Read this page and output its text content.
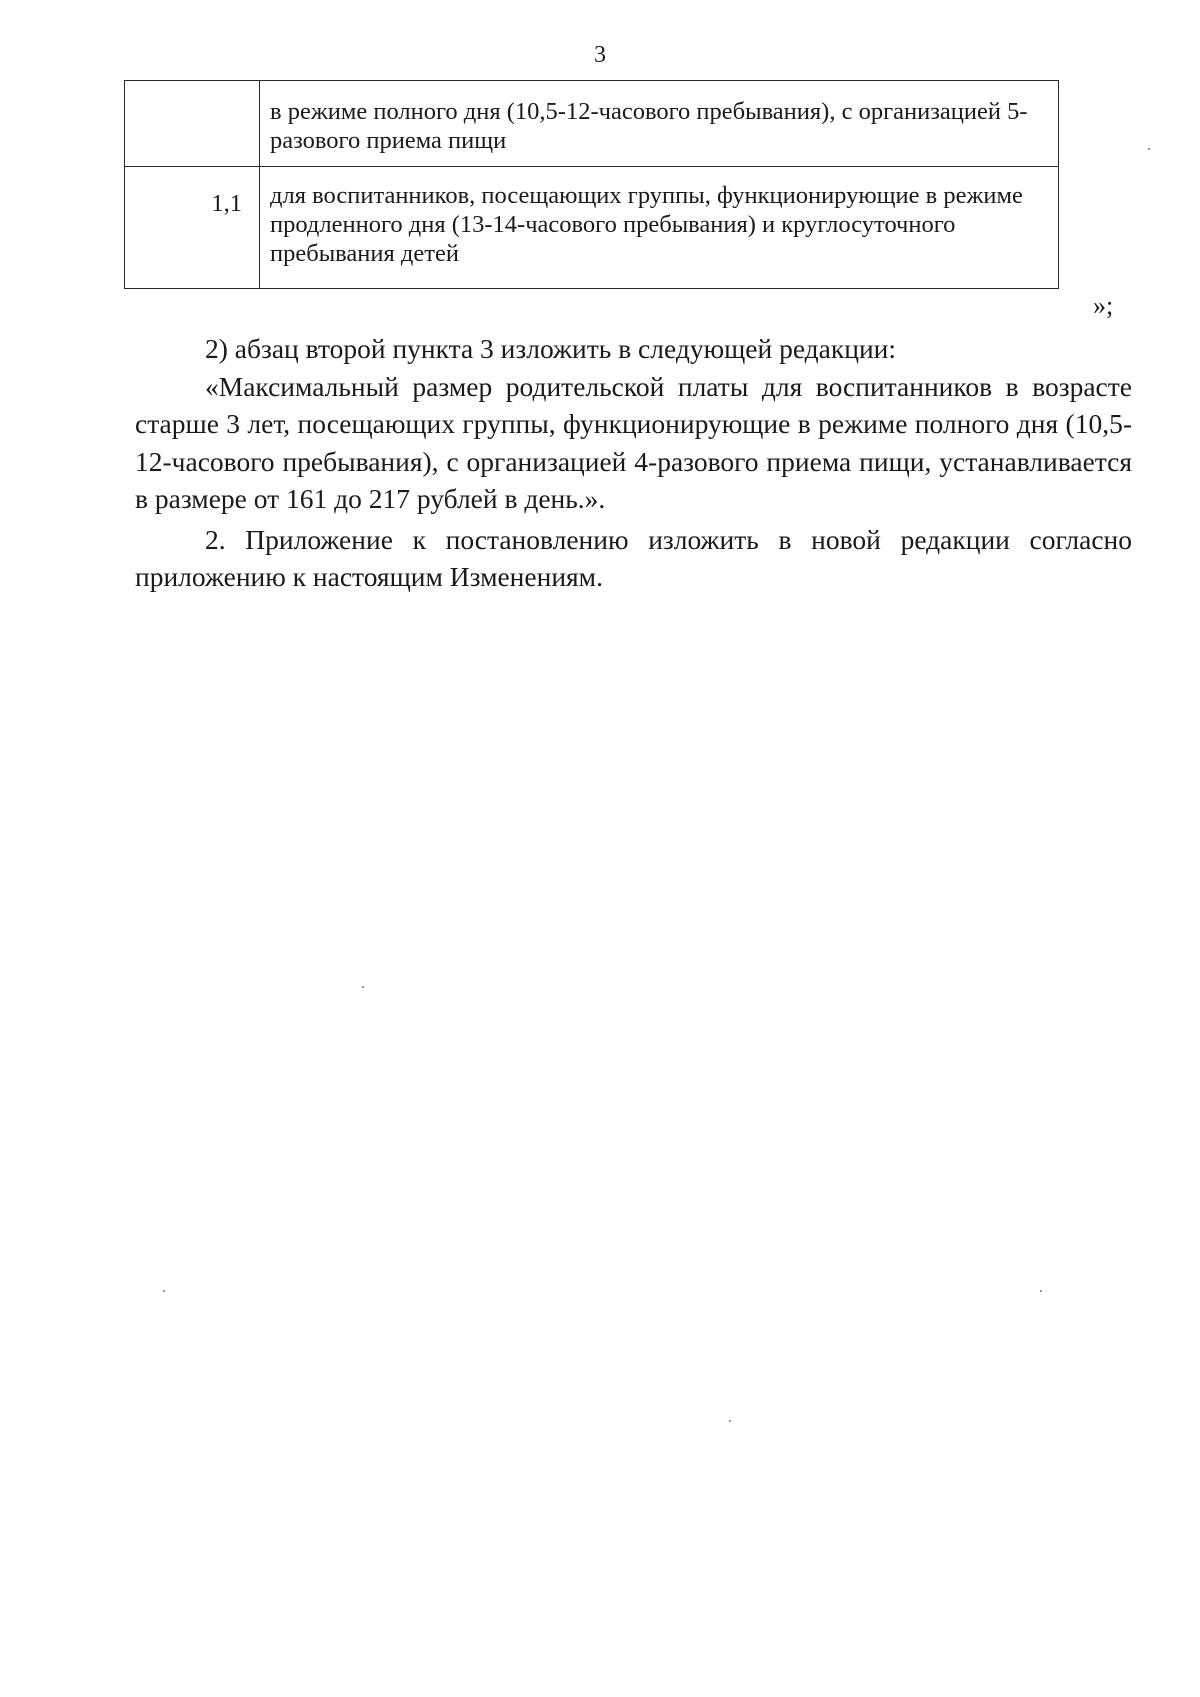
3
	в режиме полного дня (10,5-12-часового пребывания), с организацией 5-разового приема пищи
1,1	для воспитанников, посещающих группы, функционирующие в режиме продленного дня (13-14-часового пребывания) и круглосуточного пребывания детей
»;

2) абзац второй пункта 3 изложить в следующей редакции:

«Максимальный размер родительской платы для воспитанников в возрасте старше 3 лет, посещающих группы, функционирующие в режиме полного дня (10,5-12-часового пребывания), с организацией 4-разового приема пищи, устанавливается в размере от 161 до 217 рублей в день.».

2. Приложение к постановлению изложить в новой редакции согласно приложению к настоящим Изменениям.
